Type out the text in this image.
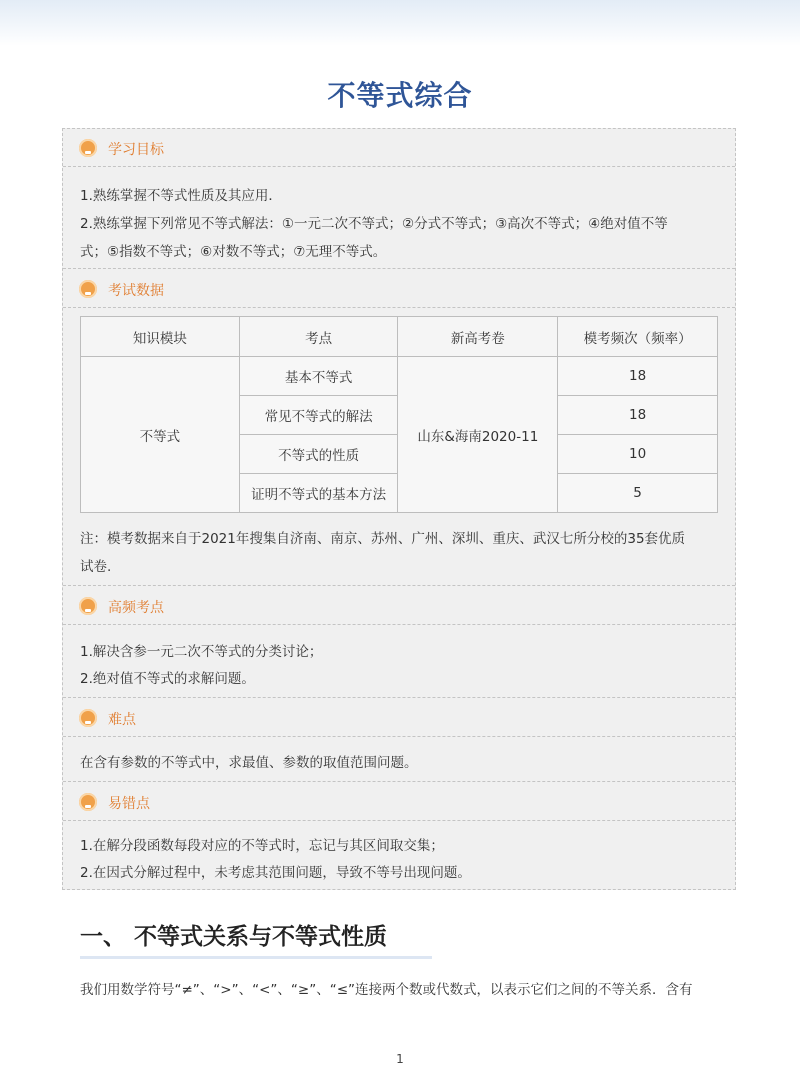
不等式综合
学习目标
1.熟练掌握不等式性质及其应用．
2.熟练掌握下列常见不等式解法：①一元二次不等式；②分式不等式；③高次不等式；④绝对值不等
式；⑤指数不等式；⑥对数不等式；⑦无理不等式。
考试数据
知识模块	考点	新高考卷	模考频次（频率）
不等式	基本不等式	山东&海南2020-11	18
	常见不等式的解法		18
	不等式的性质		10
	证明不等式的基本方法		5
注：模考数据来自于2021年搜集自济南、南京、苏州、广州、深圳、重庆、武汉七所分校的35套优质
试卷.
高频考点
1.解决含参一元二次不等式的分类讨论；
2.绝对值不等式的求解问题。
难点
在含有参数的不等式中，求最值、参数的取值范围问题。
易错点
1.在解分段函数每段对应的不等式时，忘记与其区间取交集；
2.在因式分解过程中，未考虑其范围问题，导致不等号出现问题。
一、 不等式关系与不等式性质
我们用数学符号“≠”、“>”、“<”、“≥”、“≤”连接两个数或代数式，以表示它们之间的不等关系．含有
1
